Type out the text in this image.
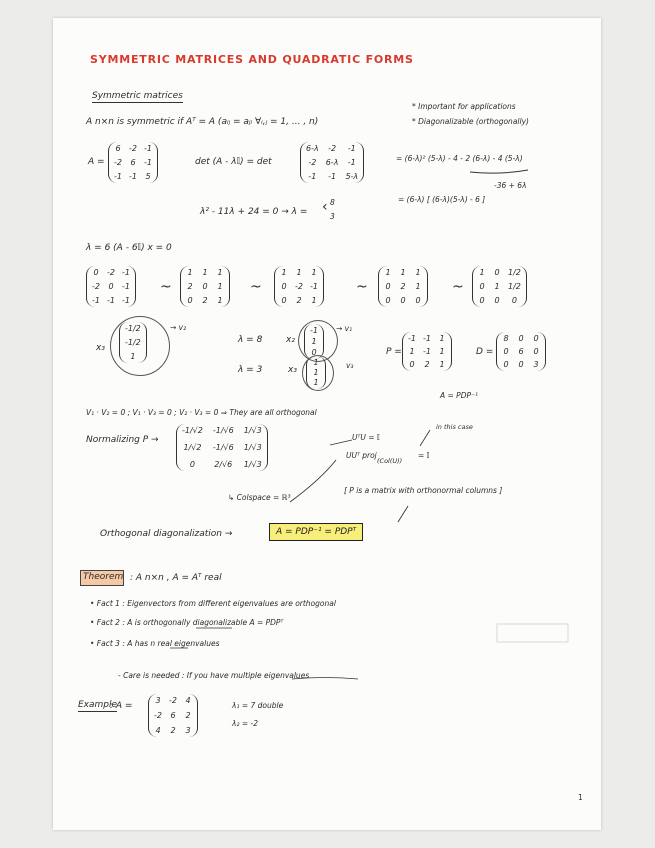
SYMMETRIC MATRICES AND QUADRATIC FORMS
Symmetric matrices
A n×n is symmetric if Aᵀ = A (aᵢⱼ = aⱼᵢ ∀ᵢ,ⱼ = 1, ... , n)
* Important for applications
* Diagonalizable (orthogonally)
A =
6 -2 -1
-2 6 -1
-1 -1 5
det (A - λ𝕀) = det
6-λ -2 -1
-2 6-λ -1
-1 -1 5-λ
= (6-λ)² (5-λ) - 4 - 2 (6-λ) - 4 (5-λ)
-36 + 6λ
= (6-λ) [ (6-λ)(5-λ) - 6 ]
λ² - 11λ + 24 = 0 → λ = ‹ 8
3
λ = 6 (A - 6𝕀) x = 0
0 -2 -1
-2 0 -1
-1 -1 -1
~
1 1 1
2 0 1
0 2 1
~
1 1 1
0 -2 -1
0 2 1
~
1 1 1
0 2 1
0 0 0
~
1 0 1/2
0 1 1/2
0 0	0
x₃
-1/2
-1/2
1
→ v₂
λ = 8
λ = 3
x₂
-1
1
0
→ v₁
x₃
1
1
1
v₃
P =
-1 -1 1
1 -1 1
0 2 1
D =
8 0 0
0 6 0
0 0 3
A = PDP⁻¹
V₁ · V₂ = 0 ; V₁ · V₃ = 0 ; V₂ · V₃ = 0 ⇒ They are all orthogonal
Normalizing P →
-1/√2 -1/√6 1/√3
1/√2 -1/√6 1/√3
0	2/√6 1/√3
UᵀU = 𝕀
in this case
UUᵀ proj
(Col(U))
= 𝕀
↳ Colspace = ℝ³
[ P is a matrix with orthonormal columns ]
Orthogonal diagonalization →	A = PDP⁻¹ = PDPᵀ
Theorem : A n×n , A = Aᵀ real
• Fact 1 : Eigenvectors from different eigenvalues are orthogonal
• Fact 2 : A is orthogonally diagonalizable A = PDPᵀ
• Fact 3 : A has n real eigenvalues
- Care is needed : If you have multiple eigenvalues
Example
: A =
3 -2 4
-2 6 2
4 2 3
λ₁ = 7 double
λ₂ = -2
1
